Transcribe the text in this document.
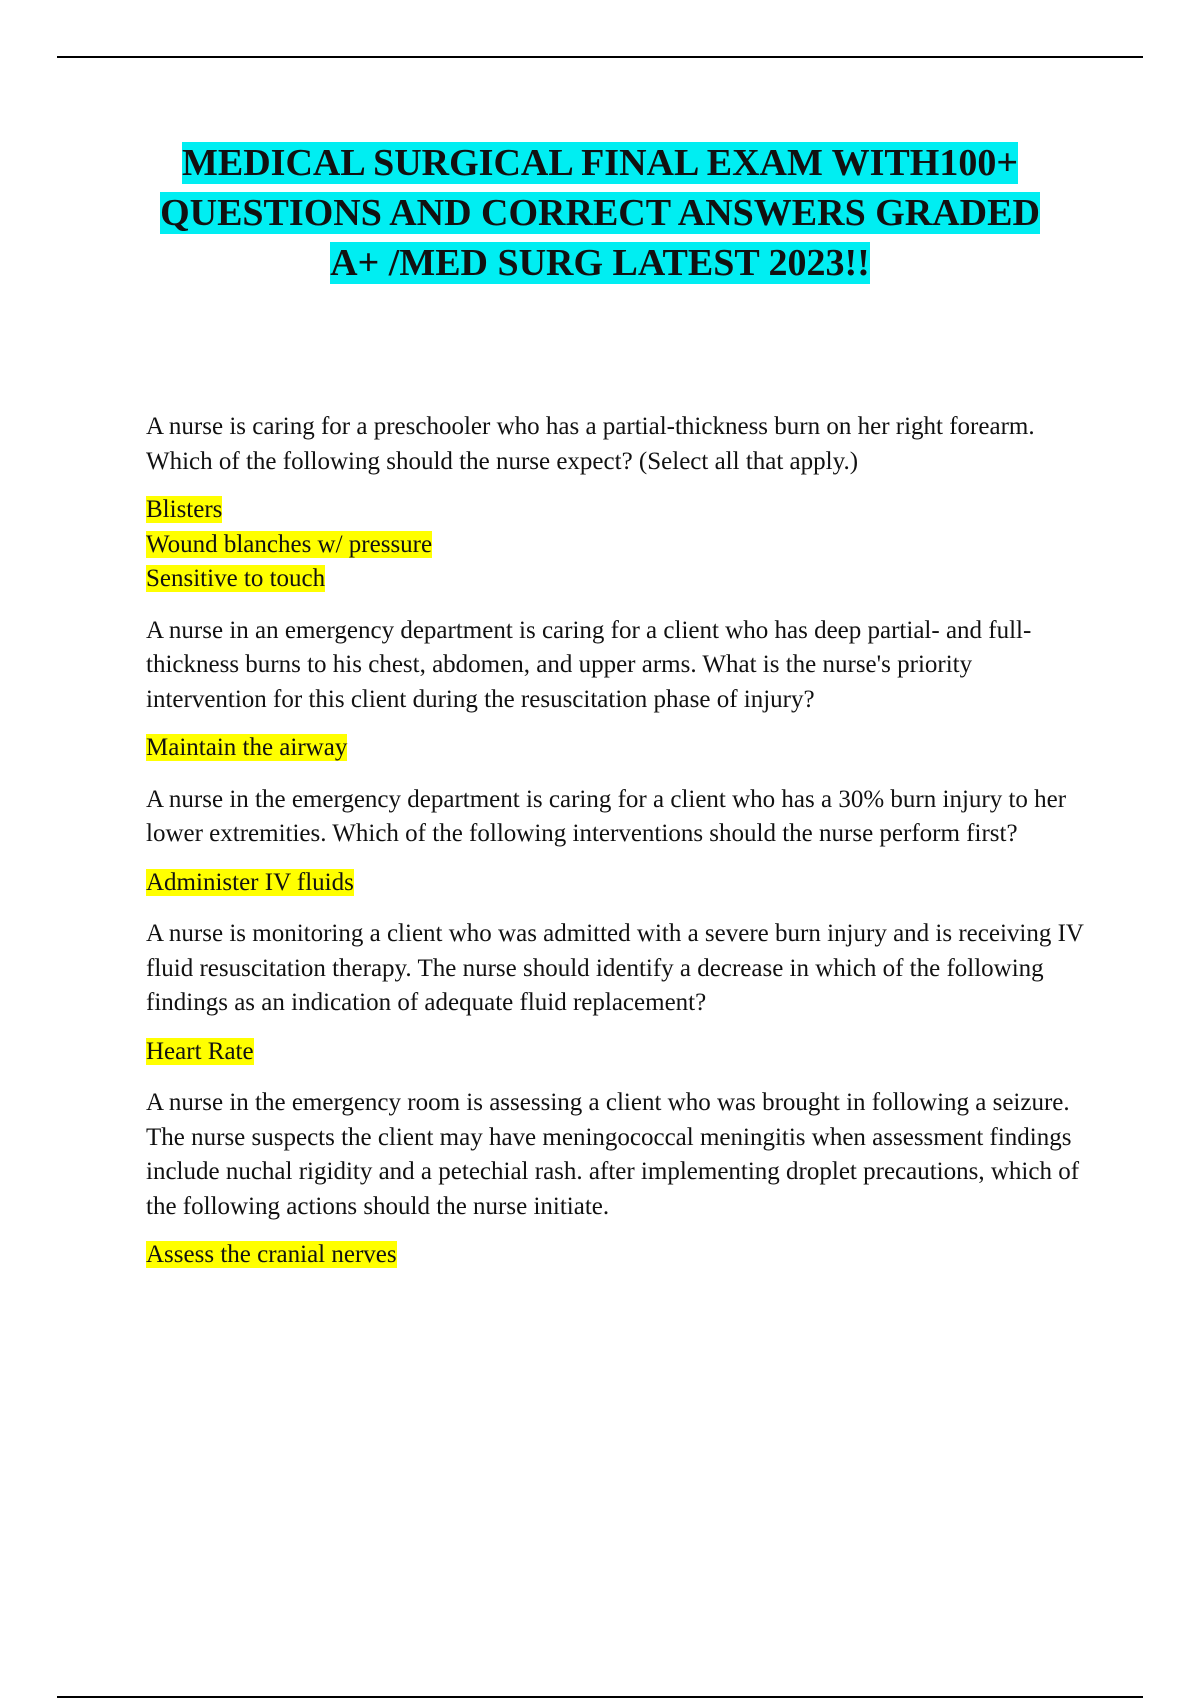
MEDICAL SURGICAL FINAL EXAM WITH100+
QUESTIONS AND CORRECT ANSWERS GRADED
A+ /MED SURG LATEST 2023!!

A nurse is caring for a preschooler who has a partial-thickness burn on her right forearm. Which of the following should the nurse expect? (Select all that apply.)

Blisters
Wound blanches w/ pressure
Sensitive to touch

A nurse in an emergency department is caring for a client who has deep partial- and full-thickness burns to his chest, abdomen, and upper arms. What is the nurse's priority intervention for this client during the resuscitation phase of injury?

Maintain the airway

A nurse in the emergency department is caring for a client who has a 30% burn injury to her lower extremities. Which of the following interventions should the nurse perform first?

Administer IV fluids

A nurse is monitoring a client who was admitted with a severe burn injury and is receiving IV fluid resuscitation therapy. The nurse should identify a decrease in which of the following findings as an indication of adequate fluid replacement?

Heart Rate

A nurse in the emergency room is assessing a client who was brought in following a seizure. The nurse suspects the client may have meningococcal meningitis when assessment findings include nuchal rigidity and a petechial rash. after implementing droplet precautions, which of the following actions should the nurse initiate.

Assess the cranial nerves
